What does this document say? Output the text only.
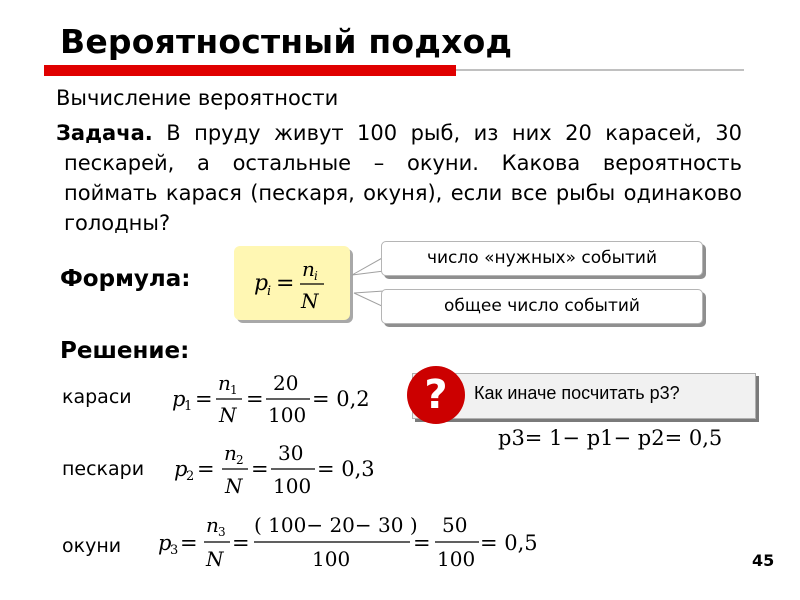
Вероятностный подход
Вычисление вероятности
Задача. В пруду живут 100 рыб, из них 20 карасей, 30 пескарей, а остальные – окуни. Какова вероятность поймать карася (пескаря, окуня), если все рыбы одинаково голодны?
Формула:	p
i =
n i
N
число «нужных» событий
общее число событий
Решение:
караси p
1 =
n 1
N
=
20
100
= 0,2
пескари p
2 =
n 2
N
=
30
100
= 0,3
окуни p
3 =
n 3
N
=
( 100− 20− 30 )
100
=
50
100
= 0,5
?	Как иначе посчитать p3?
p3= 1− p1− p2= 0,5
45
